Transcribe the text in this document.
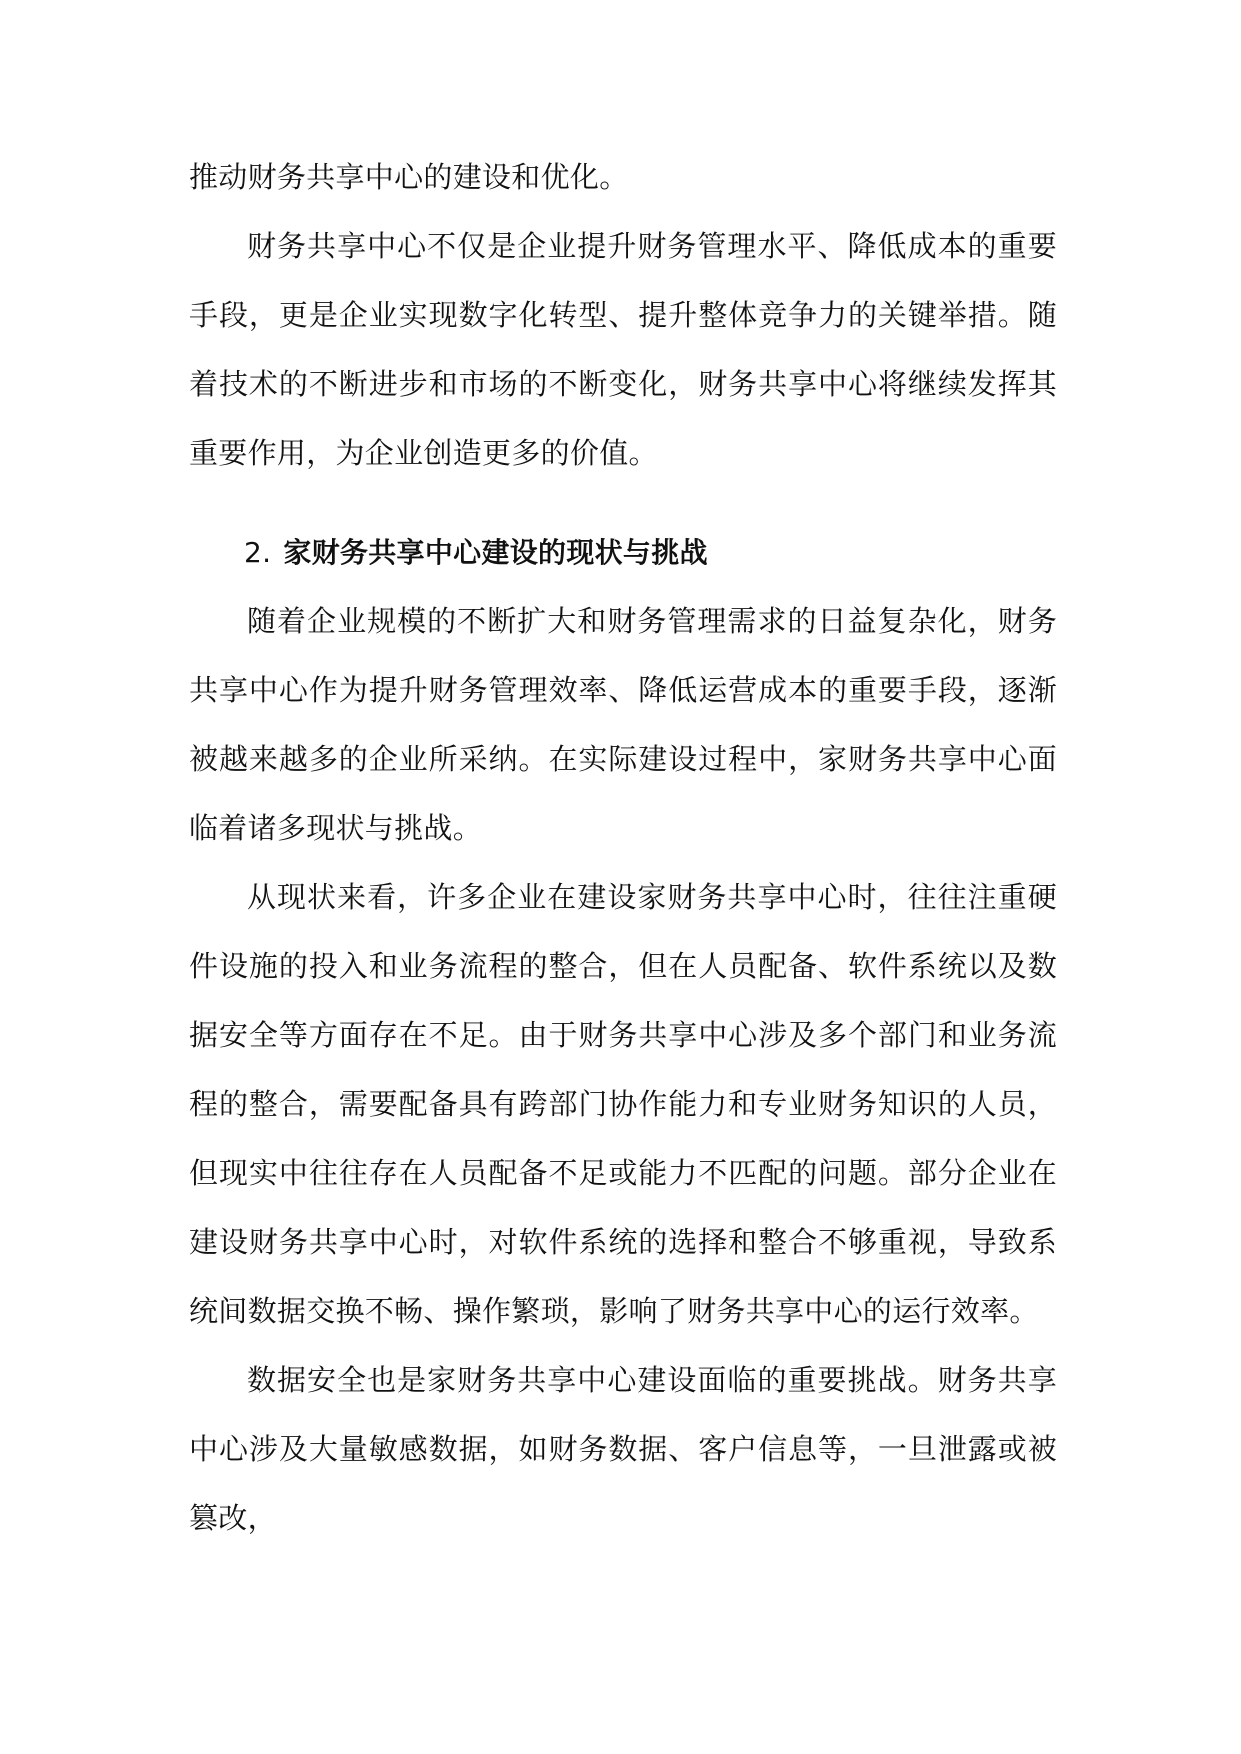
推动财务共享中心的建设和优化。

财务共享中心不仅是企业提升财务管理水平、降低成本的重要手段，更是企业实现数字化转型、提升整体竞争力的关键举措。随着技术的不断进步和市场的不断变化，财务共享中心将继续发挥其重要作用，为企业创造更多的价值。

2. 家财务共享中心建设的现状与挑战

随着企业规模的不断扩大和财务管理需求的日益复杂化，财务共享中心作为提升财务管理效率、降低运营成本的重要手段，逐渐被越来越多的企业所采纳。在实际建设过程中，家财务共享中心面临着诸多现状与挑战。

从现状来看，许多企业在建设家财务共享中心时，往往注重硬件设施的投入和业务流程的整合，但在人员配备、软件系统以及数据安全等方面存在不足。由于财务共享中心涉及多个部门和业务流程的整合，需要配备具有跨部门协作能力和专业财务知识的人员，但现实中往往存在人员配备不足或能力不匹配的问题。部分企业在建设财务共享中心时，对软件系统的选择和整合不够重视，导致系统间数据交换不畅、操作繁琐，影响了财务共享中心的运行效率。

数据安全也是家财务共享中心建设面临的重要挑战。财务共享中心涉及大量敏感数据，如财务数据、客户信息等，一旦泄露或被篡改，
